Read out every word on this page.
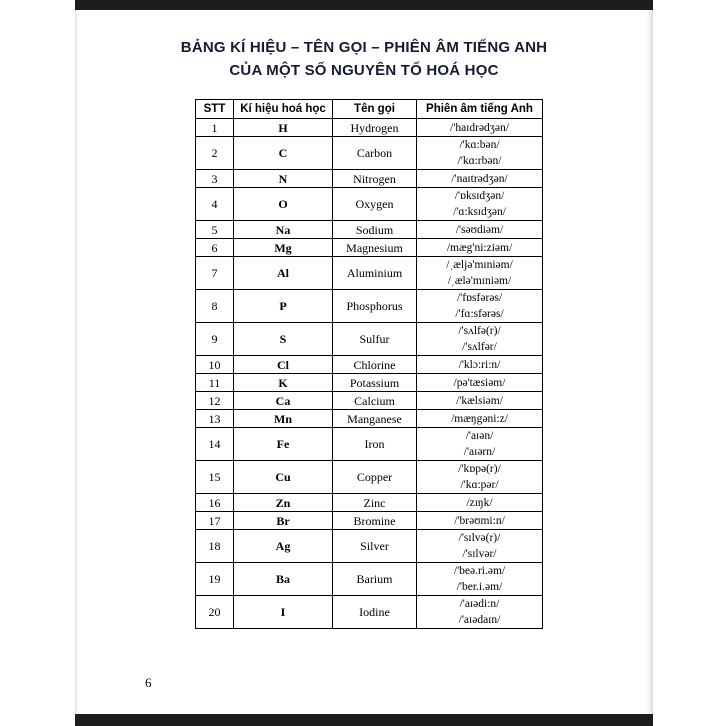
BẢNG KÍ HIỆU – TÊN GỌI – PHIÊN ÂM TIẾNG ANH
CỦA MỘT SỐ NGUYÊN TỐ HOÁ HỌC
STT	Kí hiệu hoá học	Tên gọi	Phiên âm tiếng Anh
1	H	Hydrogen	/'haɪdrədʒən/

2	C	Carbon	/'kɑ:bən/
/'kɑ:rbən/

3	N	Nitrogen	/'naɪtrədʒən/

4	O	Oxygen	/'ɒksɪdʒən/
/'ɑ:ksɪdʒən/

5	Na	Sodium	/'səʊdiəm/

6	Mg	Magnesium	/mæg'ni:ziəm/

7	Al	Aluminium	/ˌæljə'mɪniəm/
/ˌælə'mɪniəm/

8	P	Phosphorus	/'fɒsfərəs/
/'fɑ:sfərəs/

9	S	Sulfur	/'sʌlfə(r)/
/'sʌlfər/

10	Cl	Chlorine	/'klɔ:ri:n/

11	K	Potassium	/pə'tæsiəm/

12	Ca	Calcium	/'kælsiəm/

13	Mn	Manganese	/mæŋgəni:z/

14	Fe	Iron	/'aɪən/
/'aɪərn/

15	Cu	Copper	/'kɒpə(r)/
/'kɑ:pər/

16	Zn	Zinc	/zɪŋk/

17	Br	Bromine	/'brəʊmi:n/

18	Ag	Silver	/'sɪlvə(r)/
/'sɪlvər/

19	Ba	Barium	/'beə.ri.əm/
/'ber.i.əm/

20	I	Iodine	/'aɪədi:n/
/'aɪədaɪn/
6
